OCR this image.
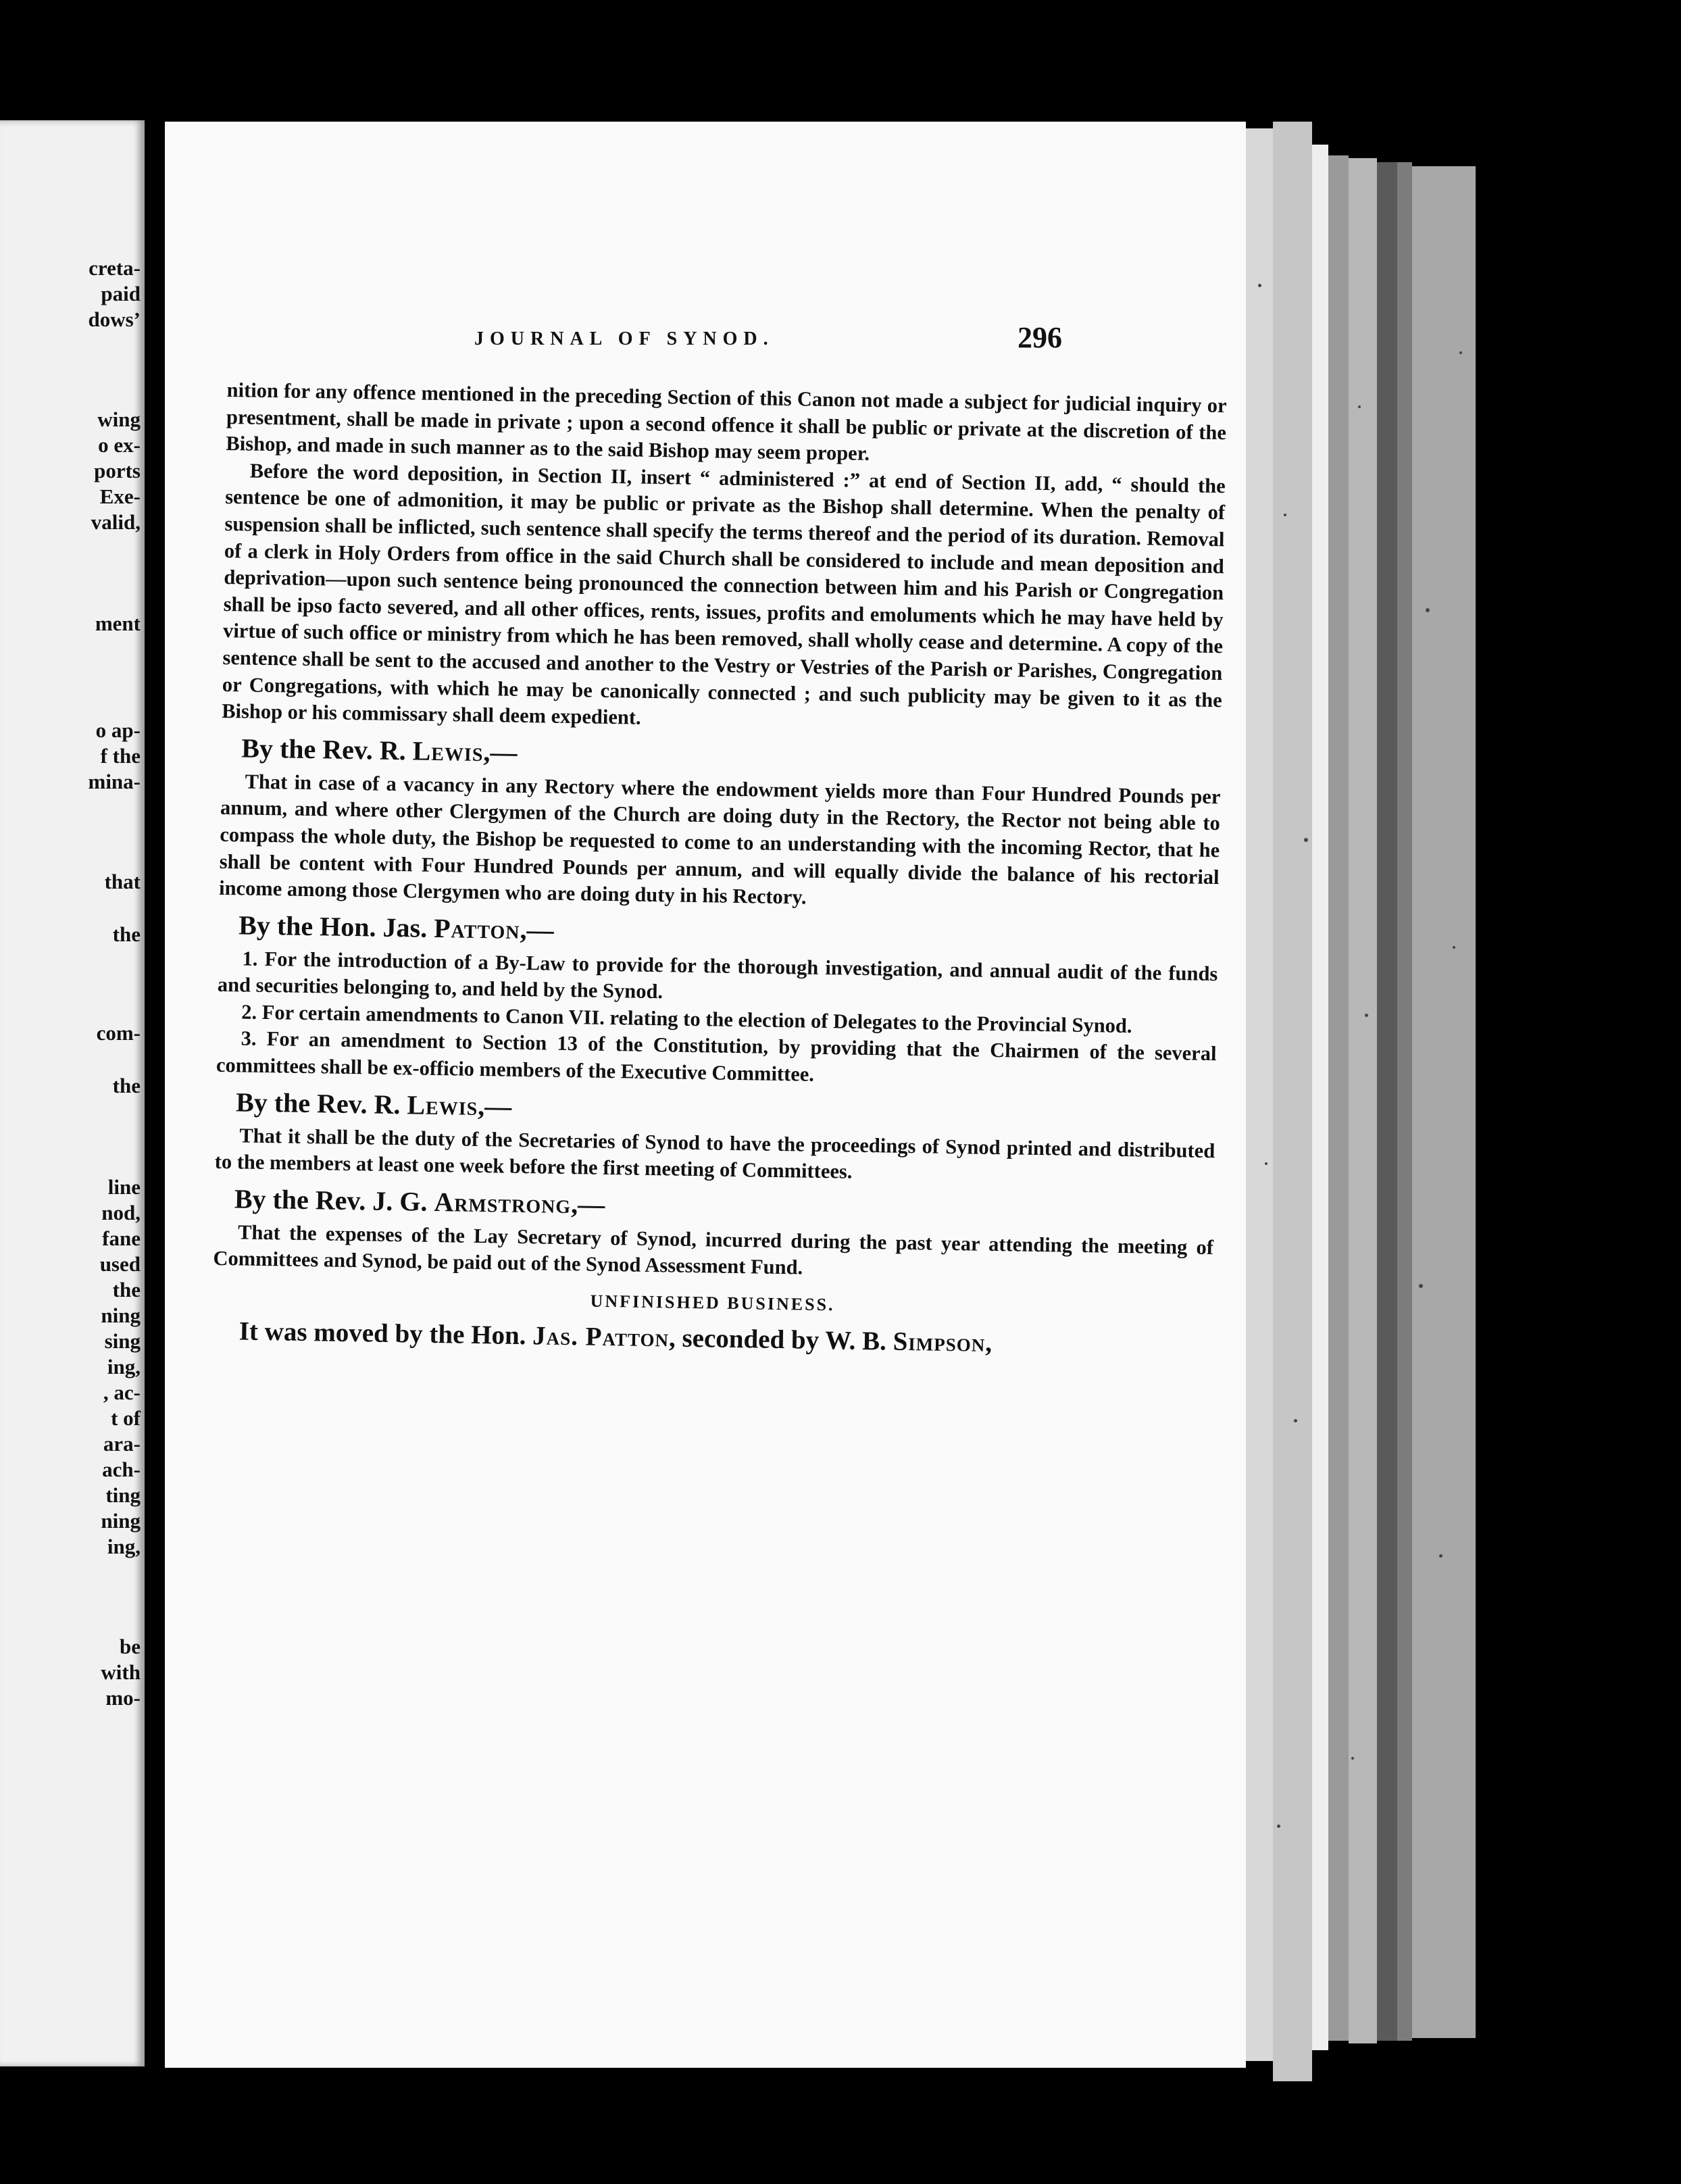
creta-
paid
dows’
wing
o ex-
ports
Exe-
valid,
ment
o ap-
f the
mina-
that
the
com-
the
line
nod,
fane
used
the
ning
sing
ing,
, ac-
t of
ara-
ach-
ting
ning
ing,
be
with
mo-
JOURNAL OF SYNOD.	296

nition for any offence mentioned in the preceding Section of this Canon not made a subject for judicial inquiry or presentment, shall be made in private ; upon a second offence it shall be public or private at the discretion of the Bishop, and made in such manner as to the said Bishop may seem proper.

Before the word deposition, in Section II, insert “ administered :” at end of Section II, add, “ should the sentence be one of admonition, it may be public or private as the Bishop shall determine. When the penalty of suspension shall be inflicted, such sentence shall specify the terms thereof and the period of its duration. Removal of a clerk in Holy Orders from office in the said Church shall be considered to include and mean deposition and deprivation—upon such sentence being pronounced the connection between him and his Parish or Congregation shall be ipso facto severed, and all other offices, rents, issues, profits and emoluments which he may have held by virtue of such office or ministry from which he has been removed, shall wholly cease and determine. A copy of the sentence shall be sent to the accused and another to the Vestry or Vestries of the Parish or Parishes, Congregation or Congregations, with which he may be canonically connected ; and such publicity may be given to it as the Bishop or his commissary shall deem expedient.

By the Rev. R. Lewis,—

That in case of a vacancy in any Rectory where the endowment yields more than Four Hundred Pounds per annum, and where other Clergymen of the Church are doing duty in the Rectory, the Rector not being able to compass the whole duty, the Bishop be requested to come to an understanding with the incoming Rector, that he shall be content with Four Hundred Pounds per annum, and will equally divide the balance of his rectorial income among those Clergymen who are doing duty in his Rectory.

By the Hon. Jas. Patton,—

1. For the introduction of a By-Law to provide for the thorough investigation, and annual audit of the funds and securities belonging to, and held by the Synod.

2. For certain amendments to Canon VII. relating to the election of Delegates to the Provincial Synod.

3. For an amendment to Section 13 of the Constitution, by providing that the Chairmen of the several committees shall be ex-officio members of the Executive Committee.

By the Rev. R. Lewis,—

That it shall be the duty of the Secretaries of Synod to have the proceedings of Synod printed and distributed to the members at least one week before the first meeting of Committees.

By the Rev. J. G. Armstrong,—

That the expenses of the Lay Secretary of Synod, incurred during the past year attending the meeting of Committees and Synod, be paid out of the Synod Assessment Fund.

UNFINISHED BUSINESS.

It was moved by the Hon. Jas. Patton, seconded by W. B. Simpson,
